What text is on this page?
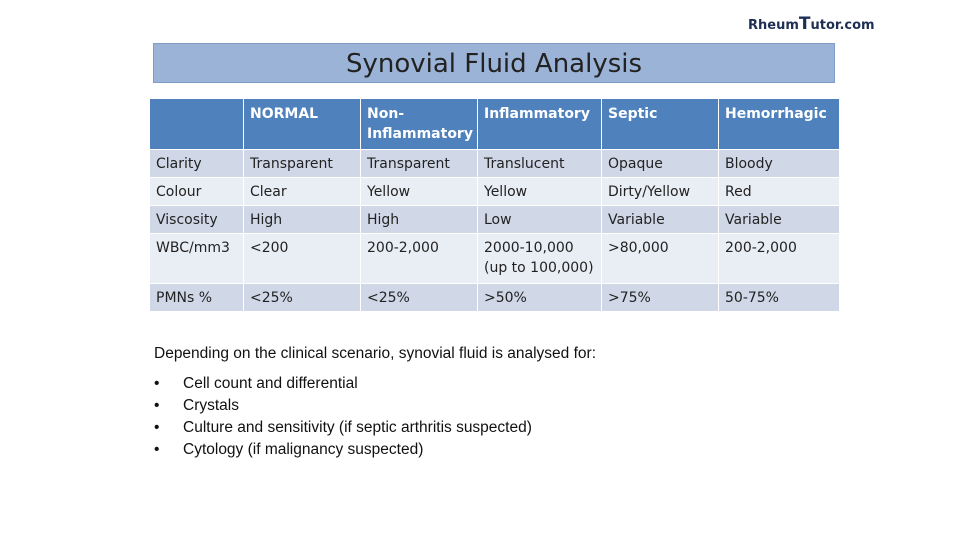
RheumTutor.com
Synovial Fluid Analysis
	NORMAL	Non-Inflammatory	Inflammatory	Septic	Hemorrhagic
Clarity	Transparent	Transparent	Translucent	Opaque	Bloody
Colour	Clear	Yellow	Yellow	Dirty/Yellow	Red
Viscosity	High	High	Low	Variable	Variable
WBC/mm3	<200	200-2,000	2000-10,000 (up to 100,000)	>80,000	200-2,000
PMNs %	<25%	<25%	>50%	>75%	50-75%
Depending on the clinical scenario, synovial fluid is analysed for:
• Cell count and differential
• Crystals
• Culture and sensitivity (if septic arthritis suspected)
• Cytology (if malignancy suspected)
